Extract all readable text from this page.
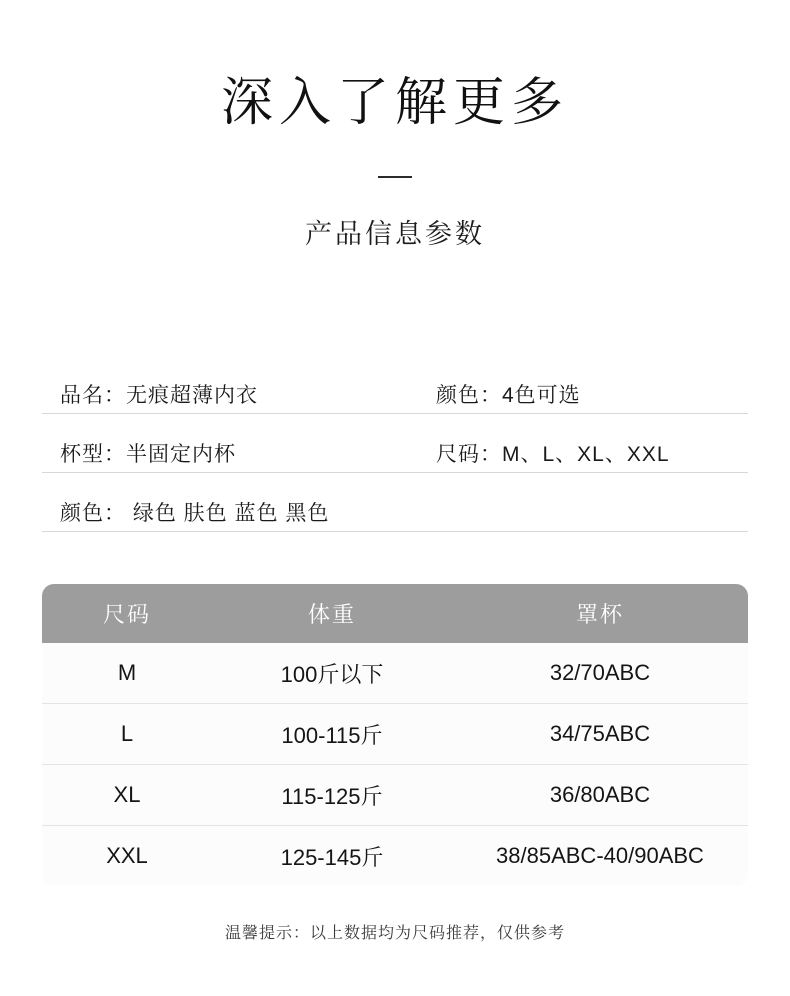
深入了解更多
产品信息参数
品名：无痕超薄内衣	颜色：4色可选
杯型：半固定内杯	尺码：M、L、XL、XXL
颜色： 绿色 肤色 蓝色 黑色
尺码	体重	罩杯
M	100斤以下	32/70ABC
L	100-115斤	34/75ABC
XL	115-125斤	36/80ABC
XXL	125-145斤	38/85ABC-40/90ABC
温馨提示：以上数据均为尺码推荐，仅供参考
